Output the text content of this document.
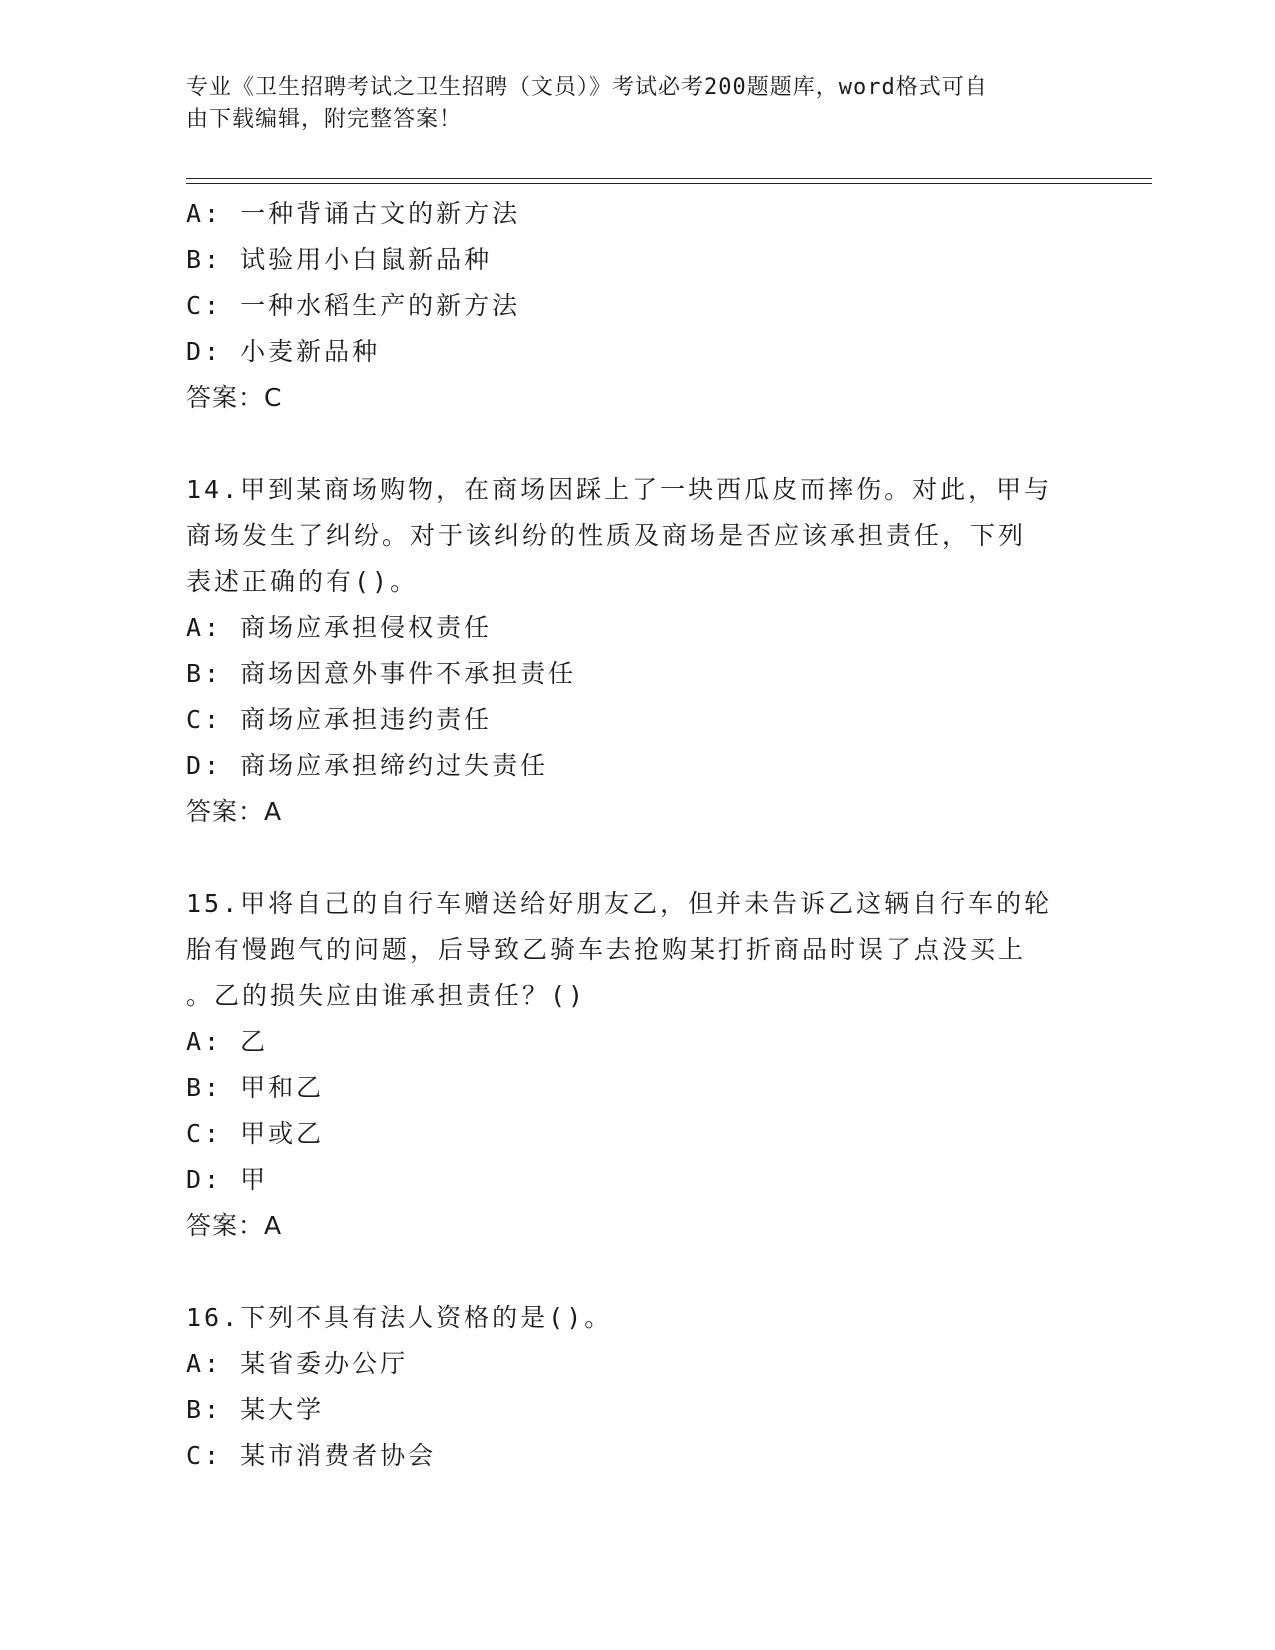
专业《卫生招聘考试之卫生招聘（文员）》考试必考200题题库，word格式可自
由下载编辑，附完整答案！
A: 一种背诵古文的新方法
B: 试验用小白鼠新品种
C: 一种水稻生产的新方法
D: 小麦新品种
答案：C
14.甲到某商场购物，在商场因踩上了一块西瓜皮而摔伤。对此，甲与
商场发生了纠纷。对于该纠纷的性质及商场是否应该承担责任，下列
表述正确的有()。
A: 商场应承担侵权责任
B: 商场因意外事件不承担责任
C: 商场应承担违约责任
D: 商场应承担缔约过失责任
答案：A
15.甲将自己的自行车赠送给好朋友乙，但并未告诉乙这辆自行车的轮
胎有慢跑气的问题，后导致乙骑车去抢购某打折商品时误了点没买上
。乙的损失应由谁承担责任？()
A: 乙
B: 甲和乙
C: 甲或乙
D: 甲
答案：A
16.下列不具有法人资格的是()。
A: 某省委办公厅
B: 某大学
C: 某市消费者协会
